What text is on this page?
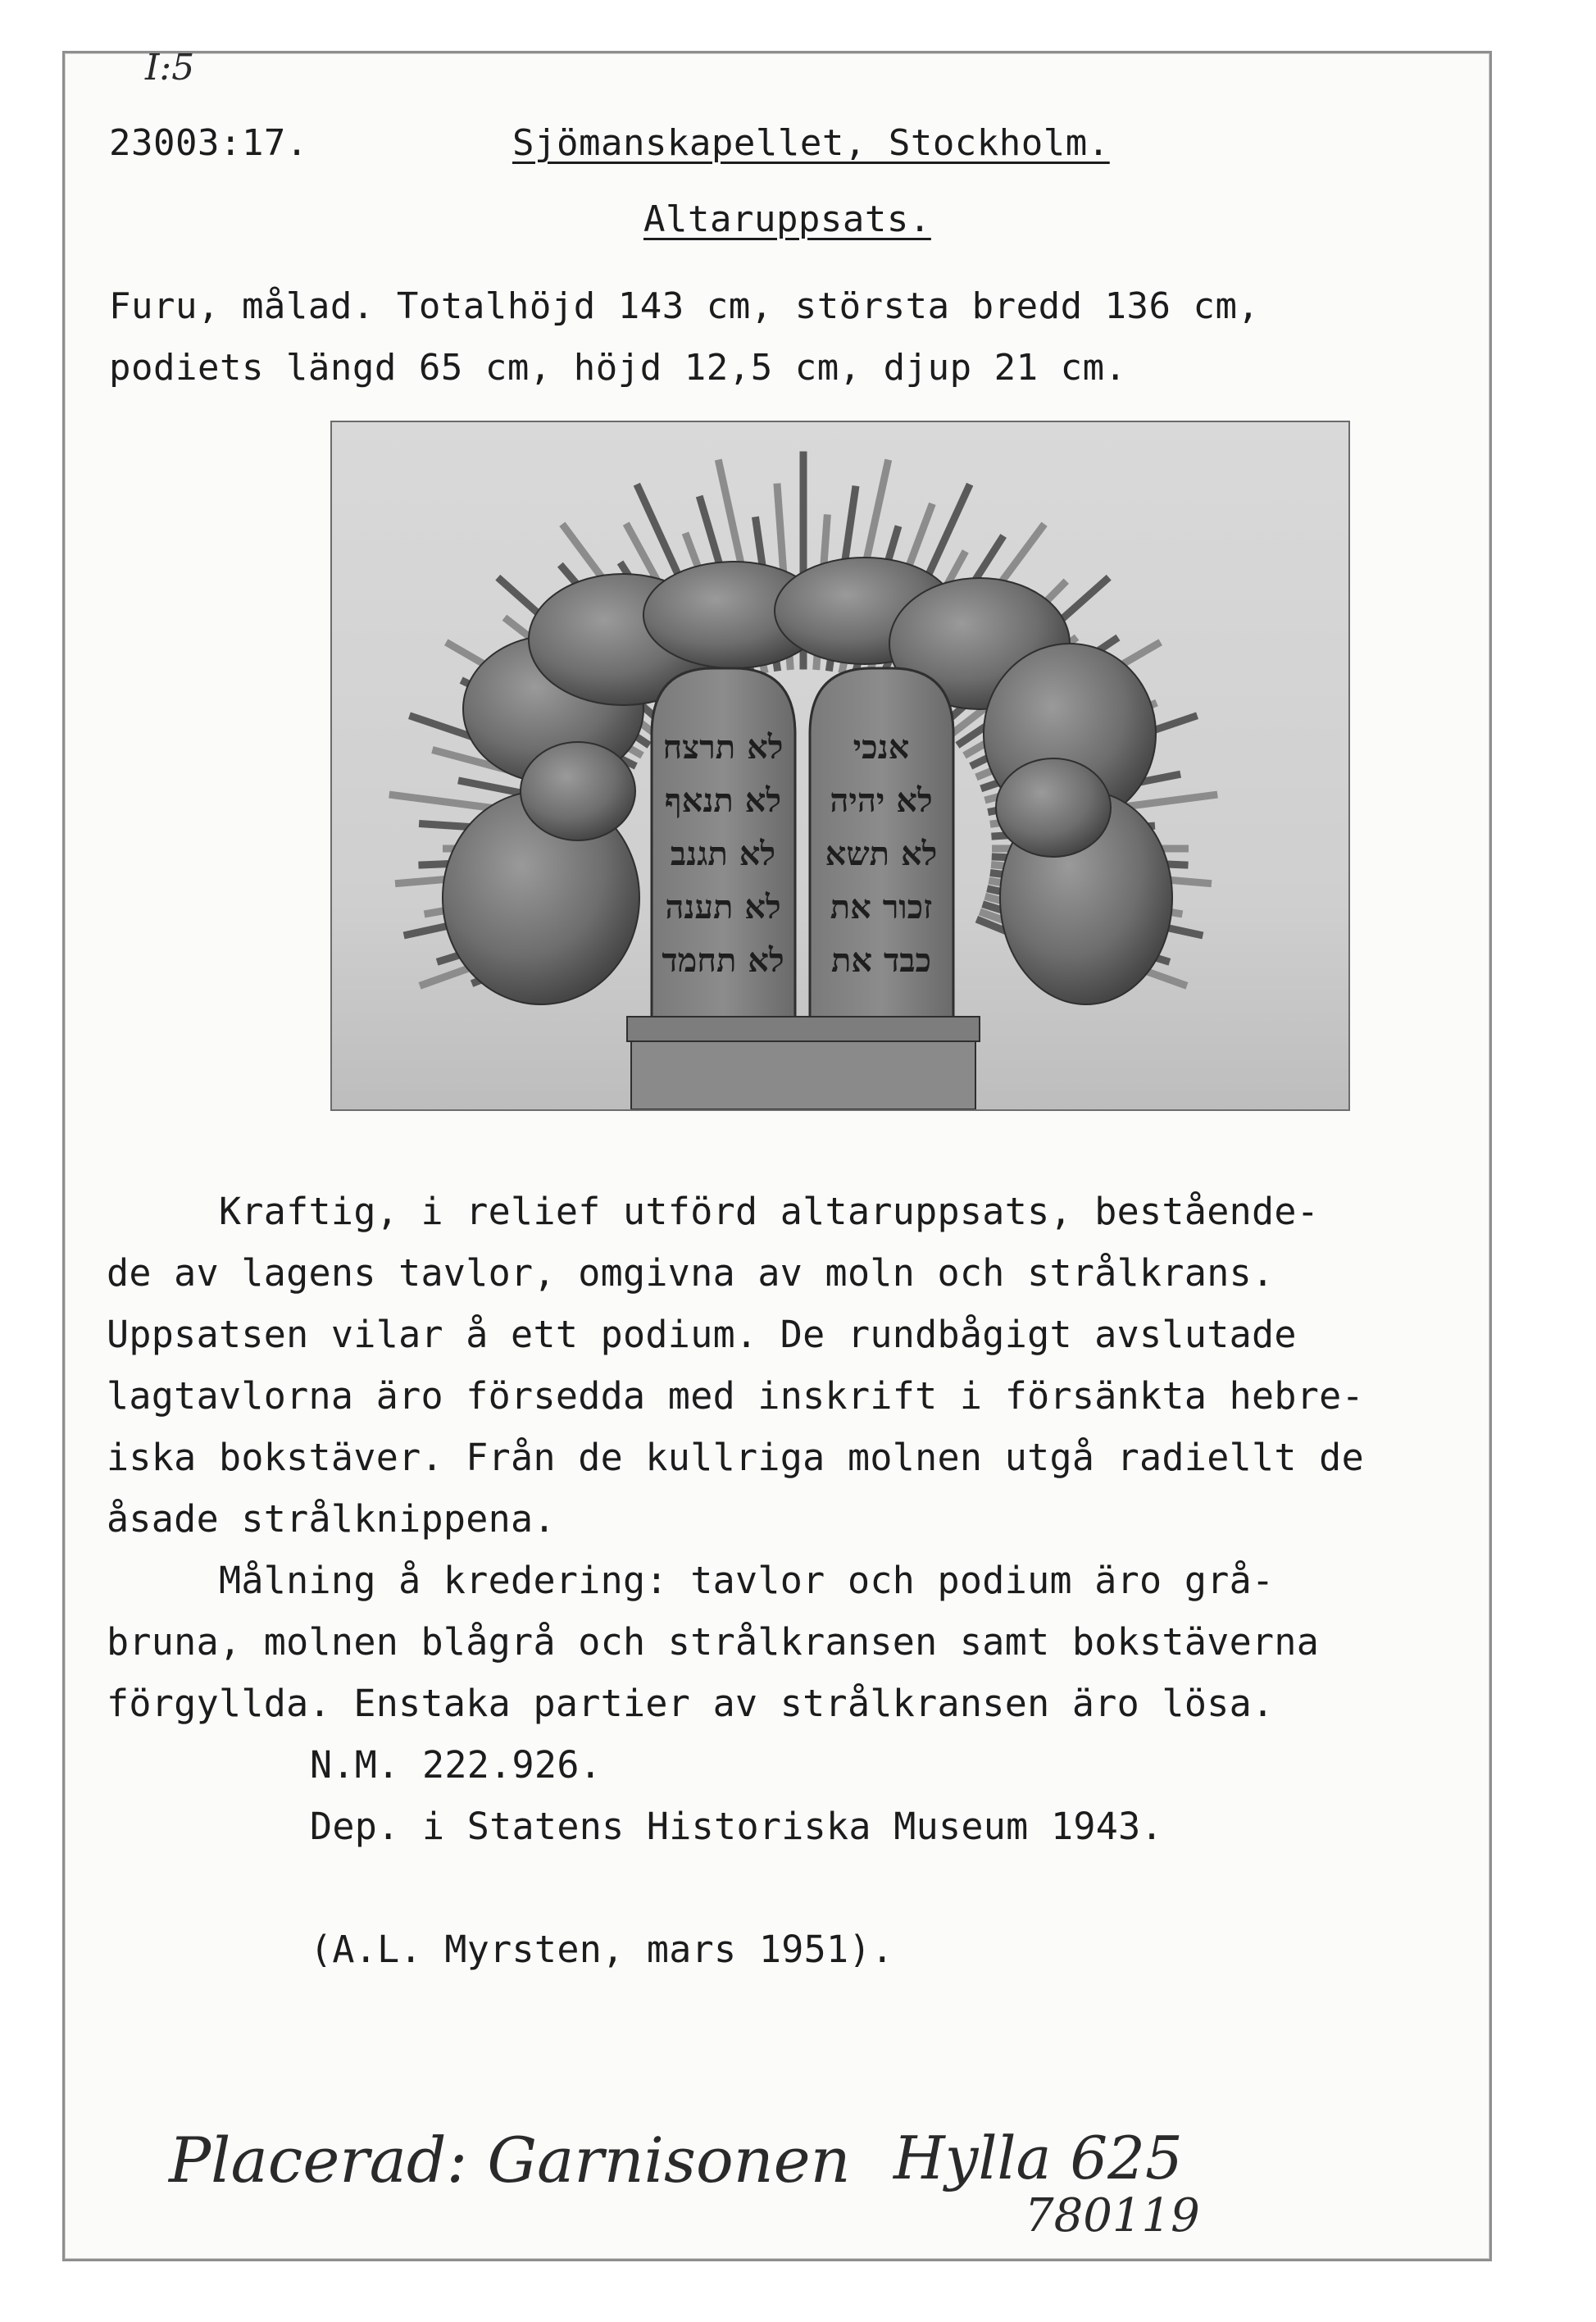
I:5
23003:17.	Sjömanskapellet, Stockholm.
Altaruppsats.
Furu, målad. Totalhöjd 143 cm, största bredd 136 cm,
podiets längd 65 cm, höjd 12,5 cm, djup 21 cm.
לא תרצח
לא תנאף
לא תגנב
לא תענה
לא תחמד
אנכי
לא יהיה
לא תשא
זכור את
כבד את
Kraftig, i relief utförd altaruppsats, bestående-
de av lagens tavlor, omgivna av moln och strålkrans.
Uppsatsen vilar å ett podium. De rundbågigt avslutade
lagtavlorna äro försedda med inskrift i försänkta hebre-
iska bokstäver. Från de kullriga molnen utgå radiellt de
åsade strålknippena.
Målning å kredering: tavlor och podium äro grå-
bruna, molnen blågrå och strålkransen samt bokstäverna
förgyllda. Enstaka partier av strålkransen äro lösa.
N.M. 222.926.
Dep. i Statens Historiska Museum 1943.
(A.L. Myrsten, mars 1951).
Placerad: Garnisonen Hylla 625
780119
